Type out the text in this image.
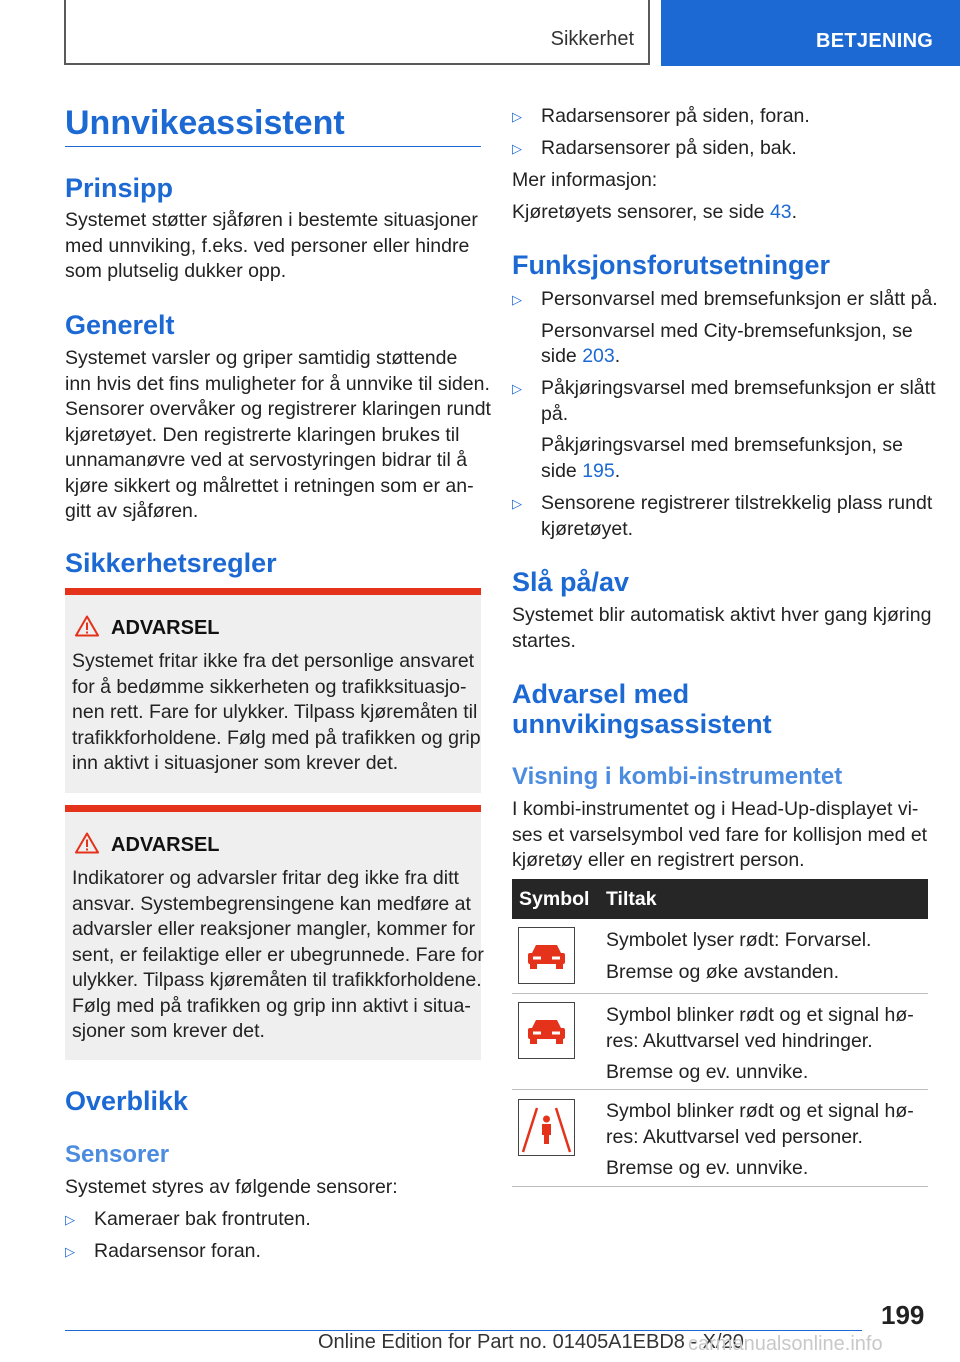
Sikkerhet	BETJENING
Unnvikeassistent
Prinsipp
Systemet støtter sjåføren i bestemte situasjoner
med unnviking, f.eks. ved personer eller hindre
som plutselig dukker opp.
Generelt
Systemet varsler og griper samtidig støttende
inn hvis det fins muligheter for å unnvike til siden.
Sensorer overvåker og registrerer klaringen rundt
kjøretøyet. Den registrerte klaringen brukes til
unnamanøvre ved at servostyringen bidrar til å
kjøre sikkert og målrettet i retningen som er an-
gitt av sjåføren.
Sikkerhetsregler
ADVARSEL
Systemet fritar ikke fra det personlige ansvaret
for å bedømme sikkerheten og trafikksituasjo-
nen rett. Fare for ulykker. Tilpass kjøremåten til
trafikkforholdene. Følg med på trafikken og grip
inn aktivt i situasjoner som krever det.
ADVARSEL
Indikatorer og advarsler fritar deg ikke fra ditt
ansvar. Systembegrensingene kan medføre at
advarsler eller reaksjoner mangler, kommer for
sent, er feilaktige eller er ubegrunnede. Fare for
ulykker. Tilpass kjøremåten til trafikkforholdene.
Følg med på trafikken og grip inn aktivt i situa-
sjoner som krever det.
Overblikk
Sensorer
Systemet styres av følgende sensorer:
▷ Kameraer bak frontruten.
▷ Radarsensor foran.
▷ Radarsensorer på siden, foran.
▷ Radarsensorer på siden, bak.
Mer informasjon:
Kjøretøyets sensorer, se side 43.
Funksjonsforutsetninger
▷ Personvarsel med bremsefunksjon er slått på.
Personvarsel med City-bremsefunksjon, se
side 203.
▷ Påkjøringsvarsel med bremsefunksjon er slått
på.
Påkjøringsvarsel med bremsefunksjon, se
side 195.
▷ Sensorene registrerer tilstrekkelig plass rundt
kjøretøyet.
Slå på/av
Systemet blir automatisk aktivt hver gang kjøring
startes.
Advarsel med
unnvikingsassistent
Visning i kombi-instrumentet
I kombi-instrumentet og i Head-Up-displayet vi-
ses et varselsymbol ved fare for kollisjon med et
kjøretøy eller en registrert person.
Symbol Tiltak
Symbolet lyser rødt: Forvarsel.
Bremse og øke avstanden.
Symbol blinker rødt og et signal hø-
res: Akuttvarsel ved hindringer.
Bremse og ev. unnvike.
Symbol blinker rødt og et signal hø-
res: Akuttvarsel ved personer.
Bremse og ev. unnvike.
199
Online Edition for Part no. 01405A1EBD8 - X/20
carmanualsonline.info
